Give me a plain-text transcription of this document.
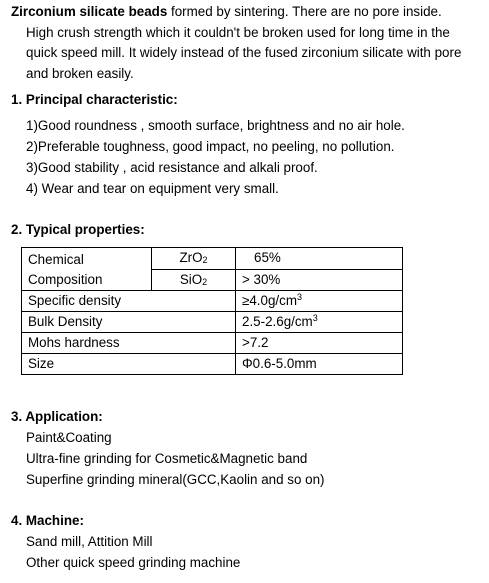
Zirconium silicate beads formed by sintering. There are no pore inside.

High crush strength which it couldn't be broken used for long time in the

quick speed mill. It widely instead of the fused zirconium silicate with pore

and broken easily.

1. Principal characteristic:
1)Good roundness , smooth surface, brightness and no air hole.
2)Preferable toughness, good impact, no peeling, no pollution.
3)Good stability , acid resistance and alkali proof.
4) Wear and tear on equipment very small.
2. Typical properties:
Chemical
Composition	ZrO$_2$	65%
	SiO$_2$	> 30%
Specific density		$\ge 4.0g/cm^3$
Bulk Density		$2.5-2.6g/cm^3$
Mohs hardness		>7.2
Size		Φ0.6-5.0mm
3. Application:
Paint&Coating
Ultra-fine grinding for Cosmetic&Magnetic band
Superfine grinding mineral(GCC,Kaolin and so on)
4. Machine:
Sand mill, Attition Mill
Other quick speed grinding machine
